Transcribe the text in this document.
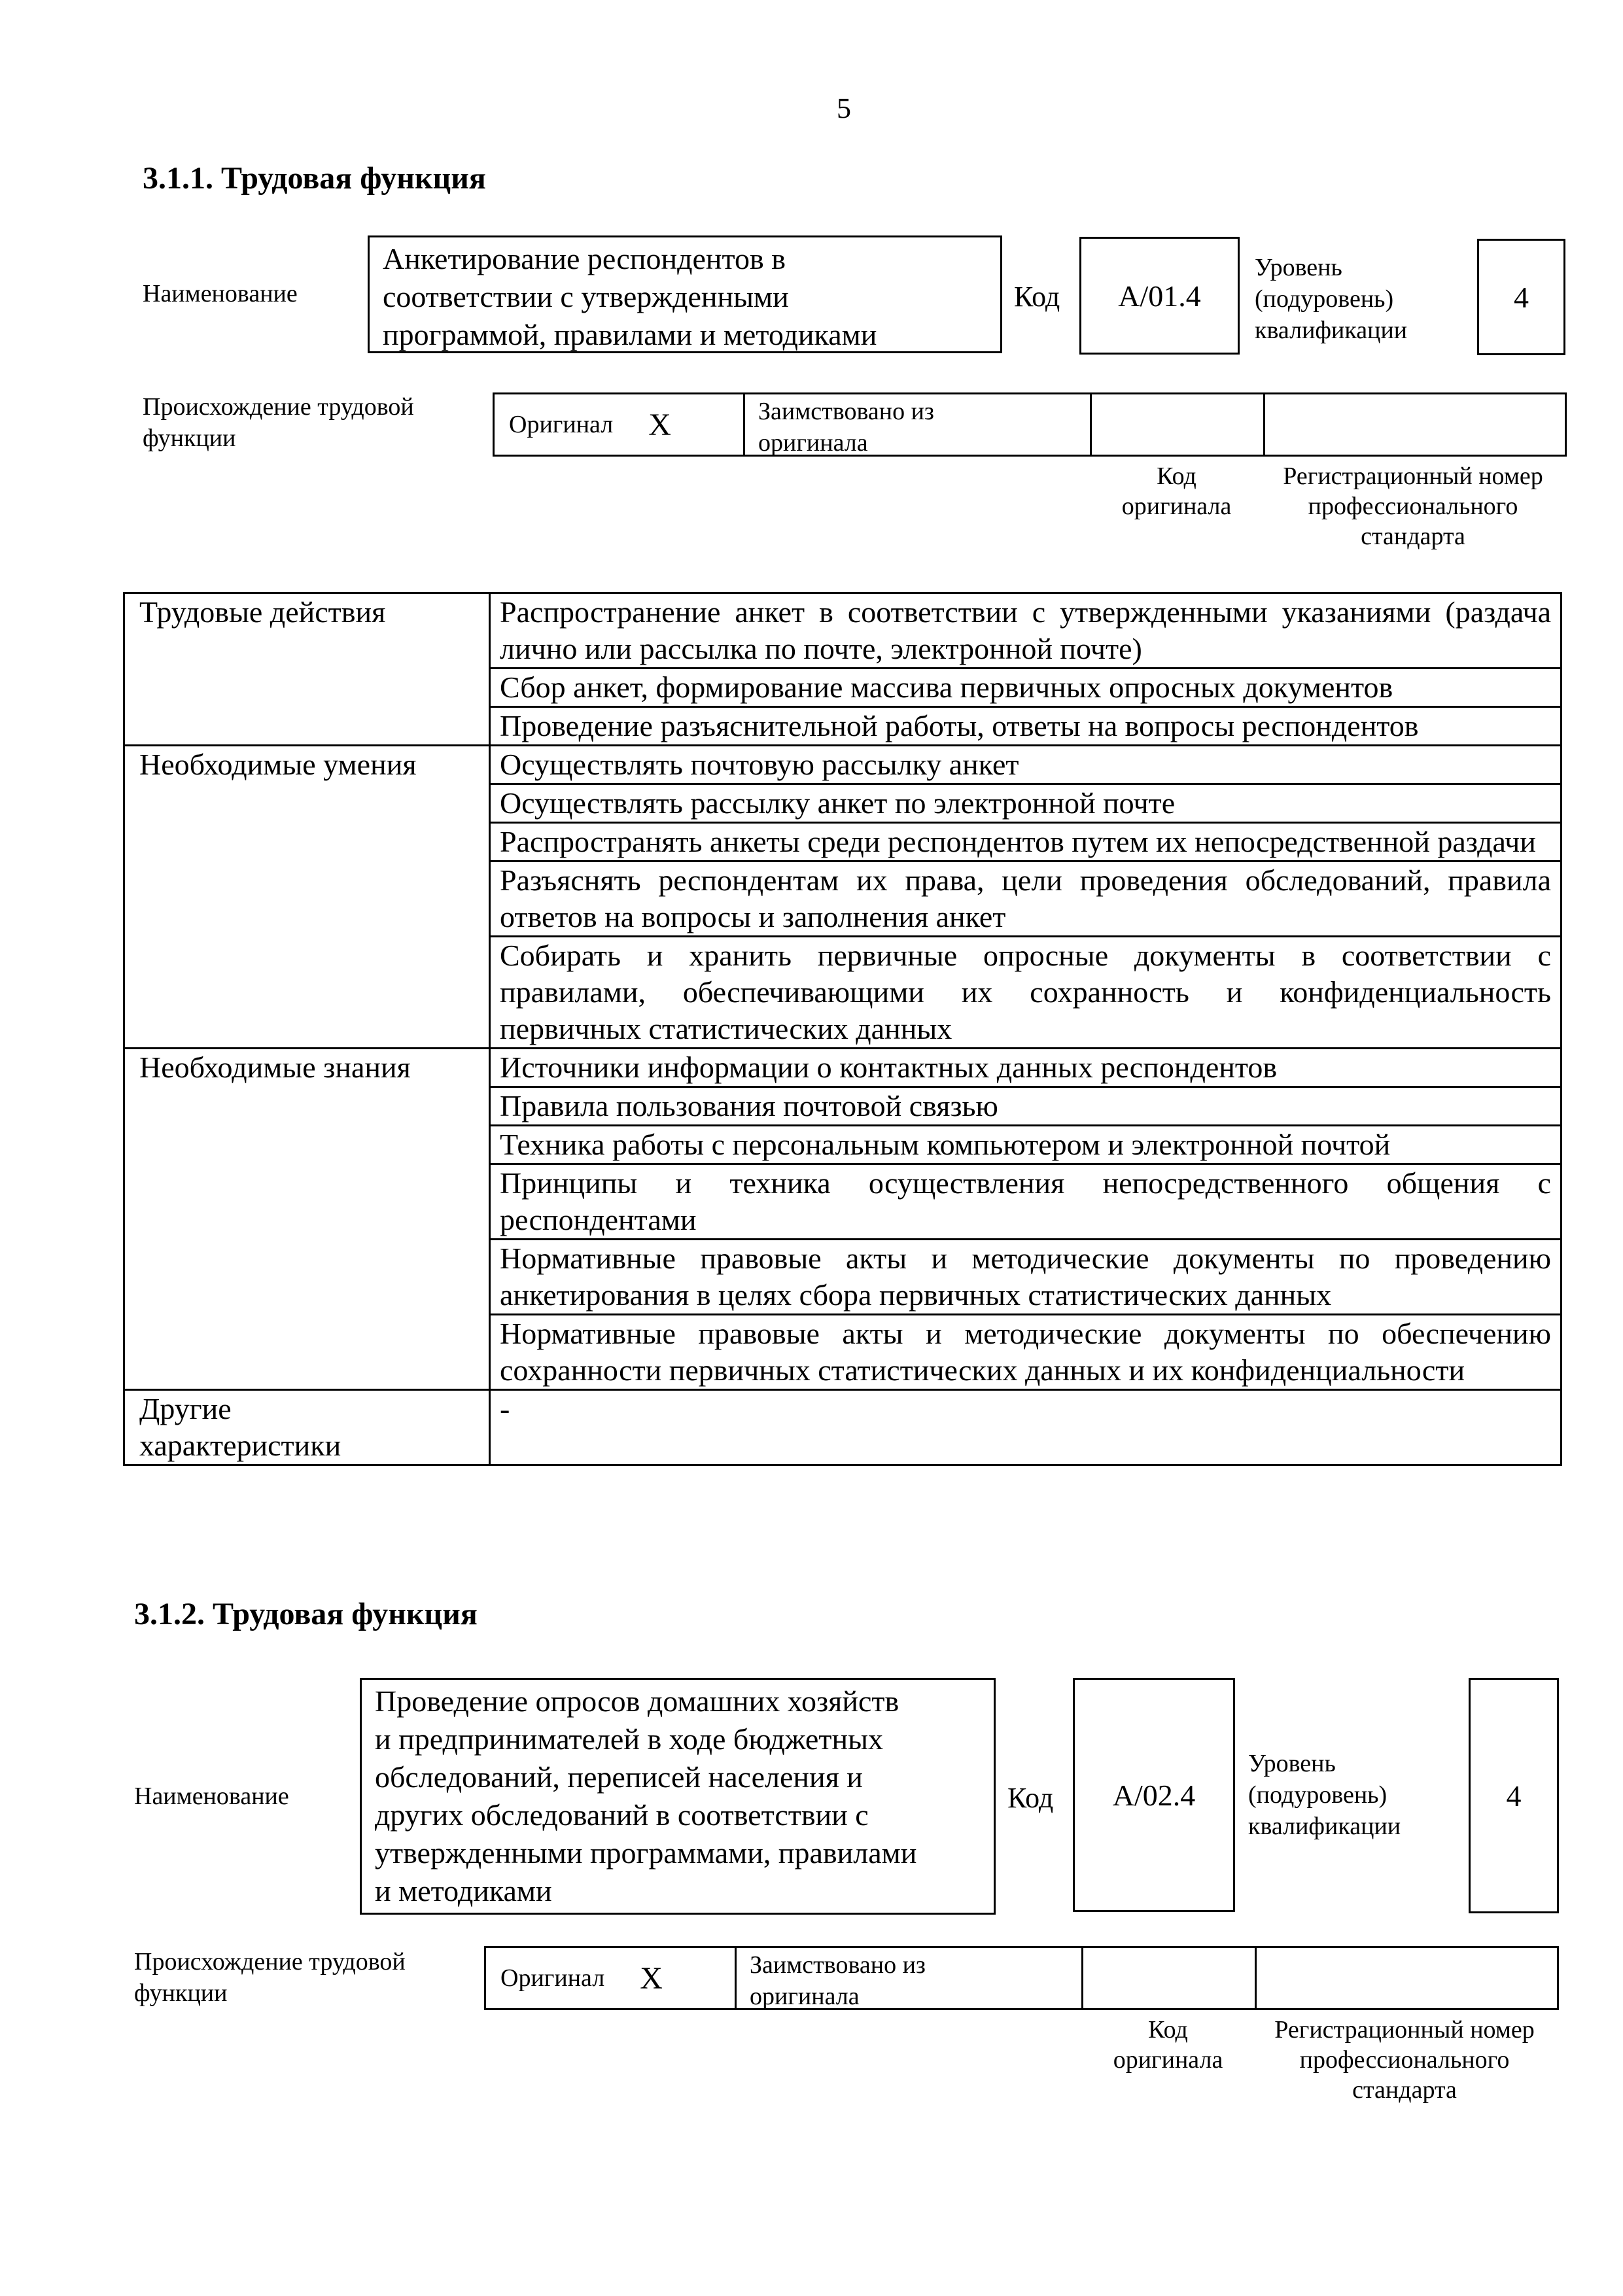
5
3.1.1. Трудовая функция
Наименование
Анкетирование респондентов в
соответствии с утвержденными
программой, правилами и методиками
Код	A/01.4
Уровень
(подуровень)
квалификации
4
Происхождение трудовой
функции	Оригинал X	Заимствовано из
оригинала
Код
оригинала
Регистрационный номер
профессионального
стандарта
Трудовые действия	Распространение анкет в соответствии с утвержденными указаниями (раздача лично или рассылка по почте, электронной почте)
	Сбор анкет, формирование массива первичных опросных документов
	Проведение разъяснительной работы, ответы на вопросы респондентов
Необходимые умения	Осуществлять почтовую рассылку анкет
	Осуществлять рассылку анкет по электронной почте
	Распространять анкеты среди респондентов путем их непосредственной раздачи
	Разъяснять респондентам их права, цели проведения обследований, правила ответов на вопросы и заполнения анкет
	Собирать и хранить первичные опросные документы в соответствии с правилами, обеспечивающими их сохранность и конфиденциальность первичных статистических данных
Необходимые знания	Источники информации о контактных данных респондентов
	Правила пользования почтовой связью
	Техника работы с персональным компьютером и электронной почтой
	Принципы и техника осуществления непосредственного общения с респондентами
	Нормативные правовые акты и методические документы по проведению анкетирования в целях сбора первичных статистических данных
	Нормативные правовые акты и методические документы по обеспечению сохранности первичных статистических данных и их конфиденциальности

Другие
характеристики	-
3.1.2. Трудовая функция
Наименование
Проведение опросов домашних хозяйств
и предпринимателей в ходе бюджетных
обследований, переписей населения и
других обследований в соответствии с
утвержденными программами, правилами
и методиками
Код	A/02.4
Уровень
(подуровень)
квалификации
4
Происхождение трудовой
функции
Оригинал X	Заимствовано из
оригинала
Код
оригинала
Регистрационный номер
профессионального
стандарта
